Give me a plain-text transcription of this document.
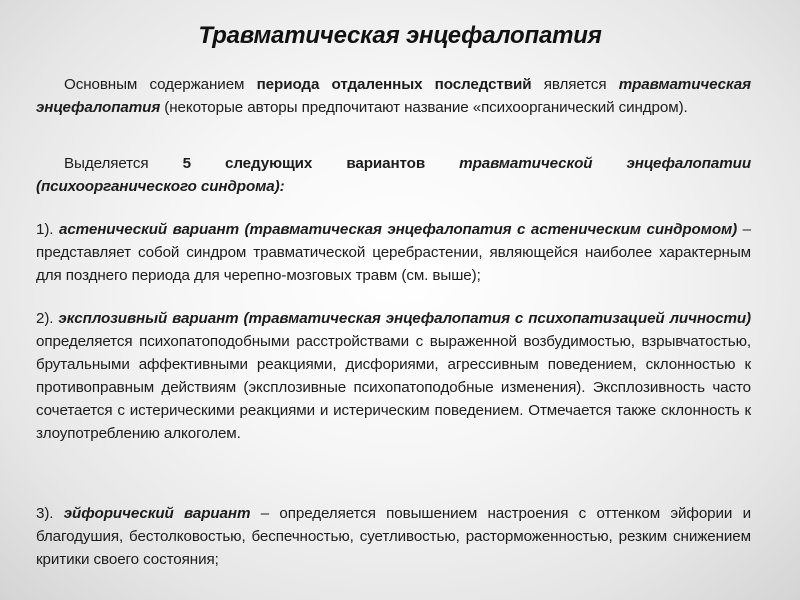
Травматическая энцефалопатия

Основным содержанием периода отдаленных последствий является травматическая энцефалопатия (некоторые авторы предпочитают название «психоорганический синдром).

Выделяется 5 следующих вариантов травматической энцефалопатии (психоорганического синдрома):

1). астенический вариант (травматическая энцефалопатия с астеническим синдромом) – представляет собой синдром травматической церебрастении, являющейся наиболее характерным для позднего периода для черепно-мозговых травм (см. выше);

2). эксплозивный вариант (травматическая энцефалопатия с психопатизацией личности) определяется психопатоподобными расстройствами с выраженной возбудимостью, взрывчатостью, брутальными аффективными реакциями, дисфориями, агрессивным поведением, склонностью к противоправным действиям (эксплозивные психопатоподобные изменения). Эксплозивность часто сочетается с истерическими реакциями и истерическим поведением. Отмечается также склонность к злоупотреблению алкоголем.

3). эйфорический вариант – определяется повышением настроения с оттенком эйфории и благодушия, бестолковостью, беспечностью, суетливостью, расторможенностью, резким снижением критики своего состояния;
